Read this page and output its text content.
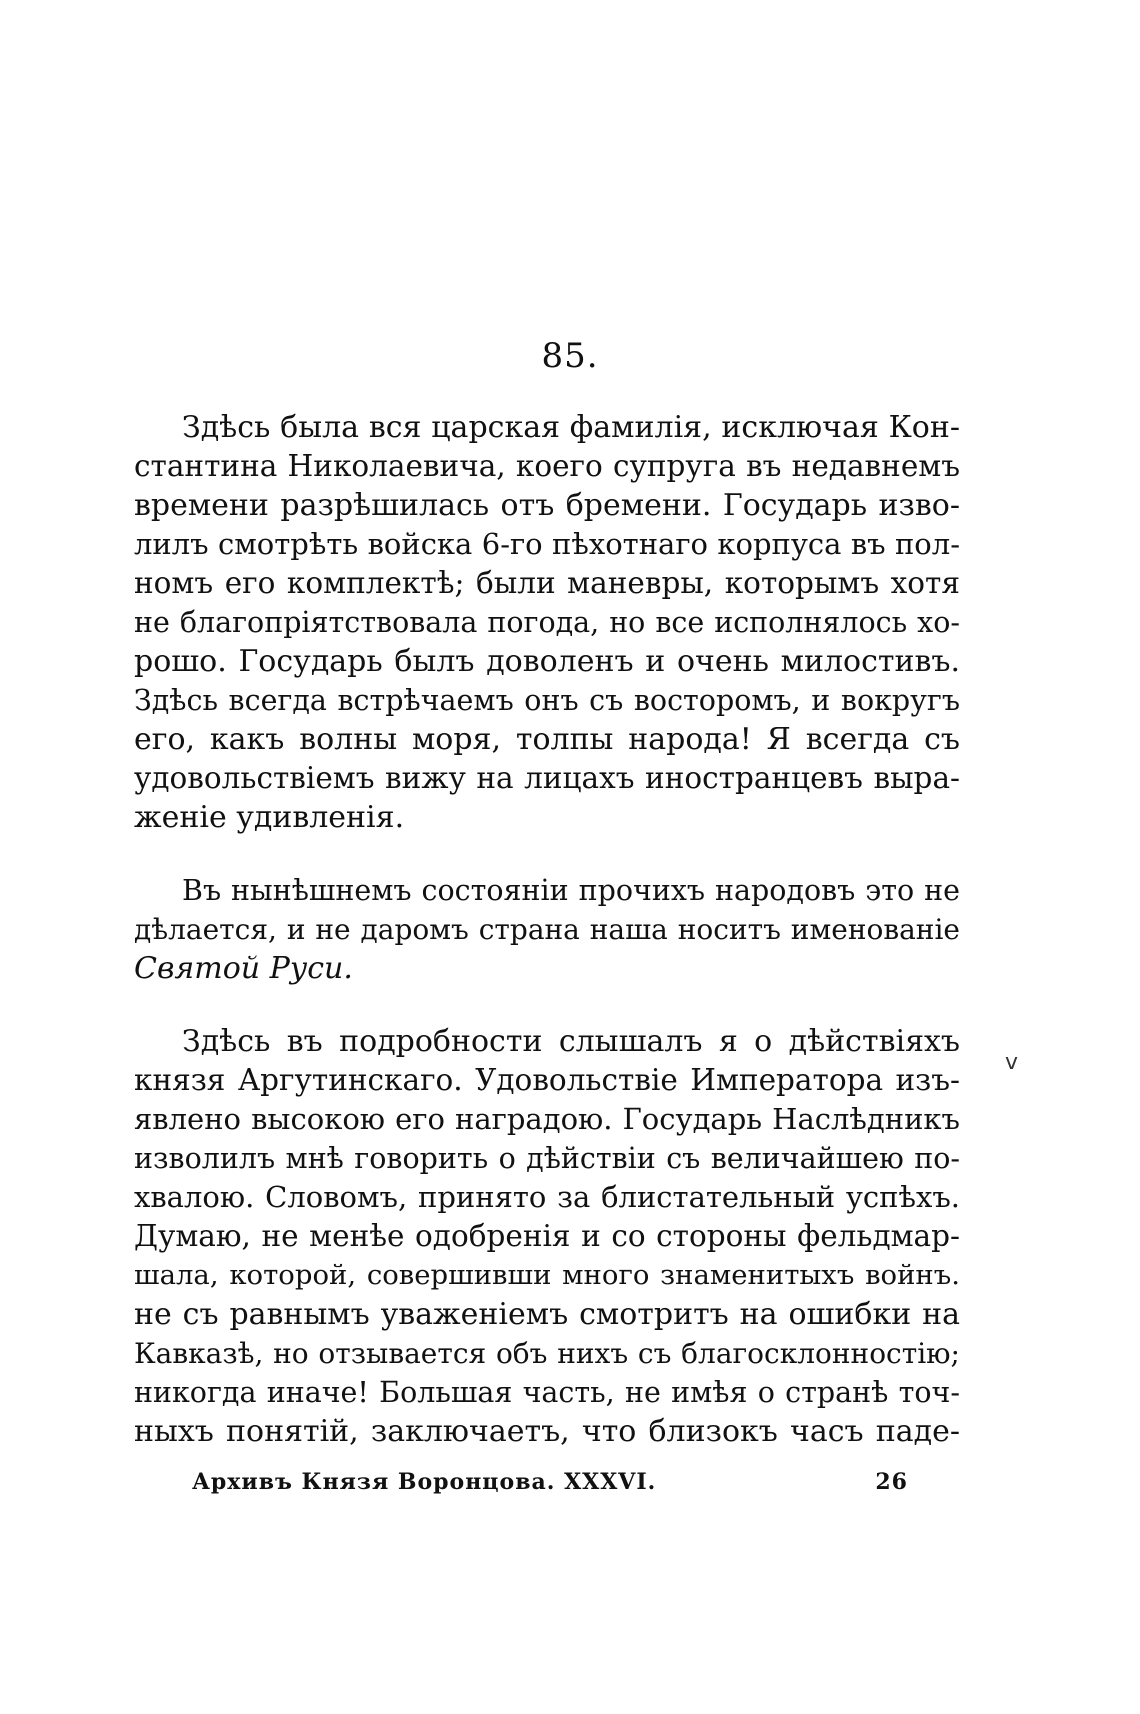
85.

Здѣсь была вся царская фамилія, исключая Кон-
стантина Николаевича, коего супруга въ недавнемъ
времени разрѣшилась отъ бремени. Государь изво-
лилъ смотрѣть войска 6-го пѣхотнаго корпуса въ пол-
номъ его комплектѣ; были маневры, которымъ хотя
не благопріятствовала погода, но все исполнялось хо-
рошо. Государь былъ доволенъ и очень милостивъ.
Здѣсь всегда встрѣчаемъ онъ съ восторомъ, и вокругъ
его, какъ волны моря, толпы народа! Я всегда съ
удовольствіемъ вижу на лицахъ иностранцевъ выра-
женіе удивленія.

Въ нынѣшнемъ состояніи прочихъ народовъ это не
дѣлается, и не даромъ страна наша носитъ именованіе
Святой Руси.

Здѣсь въ подробности слышалъ я о дѣйствіяхъ
князя Аргутинскаго. Удовольствіе Императора изъ-
явлено высокою его наградою. Государь Наслѣдникъ
изволилъ мнѣ говорить о дѣйствіи съ величайшею по-
хвалою. Словомъ, принято за блистательный успѣхъ.
Думаю, не менѣе одобренія и со стороны фельдмар-
шала, которой, совершивши много знаменитыхъ войнъ.
не съ равнымъ уваженіемъ смотритъ на ошибки на
Кавказѣ, но отзывается объ нихъ съ благосклонностію;
никогда иначе! Большая часть, не имѣя о странѣ точ-
ныхъ понятій, заключаетъ, что близокъ часъ паде-

v
Архивъ Князя Воронцова. XXXVI.	26
